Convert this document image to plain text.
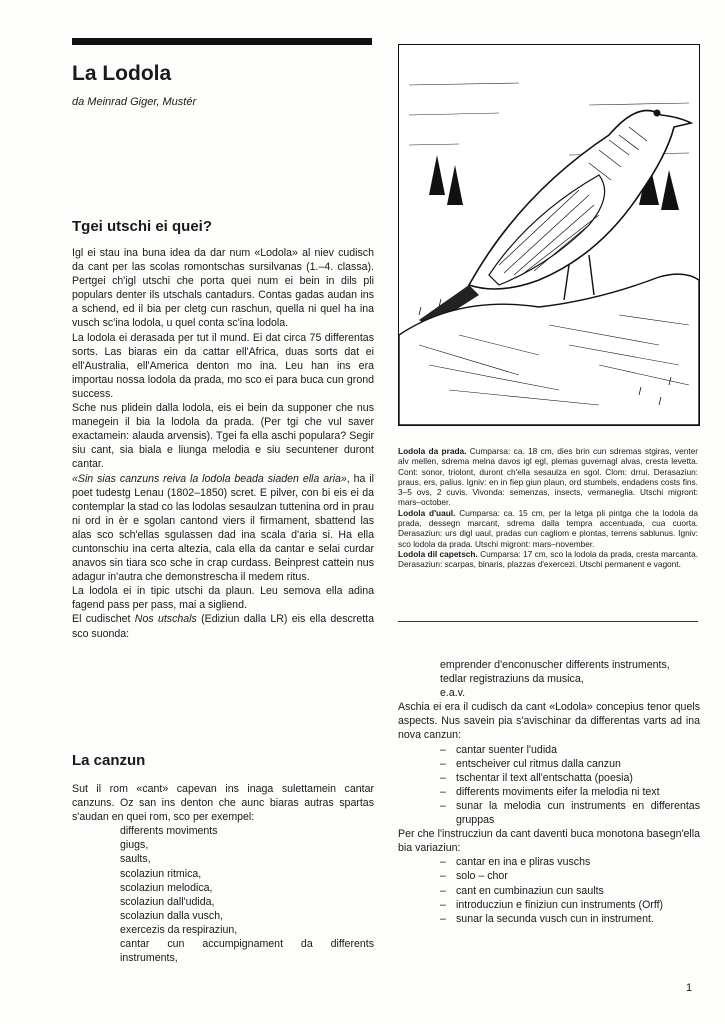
La Lodola
da Meinrad Giger, Mustér
Tgei utschi ei quei?

Igl ei stau ina buna idea da dar num «Lodola» al niev cudisch da cant per las scolas romontschas sursilvanas (1.–4. classa). Pertgei ch'igl utschi che porta quei num ei bein in dils pli populars denter ils utschals cantadurs. Contas gadas audan ins a schend, ed il bia per cletg cun raschun, quella ni quel ha ina vusch sc'ina lodola, u quel conta sc'ina lodola.

La lodola ei derasada per tut il mund. Ei dat circa 75 differentas sorts. Las biaras ein da cattar ell'Africa, duas sorts dat ei ell'Australia, ell'America denton mo ina. Leu han ins era importau nossa lodola da prada, mo sco ei para buca cun grond success.

Sche nus plidein dalla lodola, eis ei bein da supponer che nus manegein il bia la lodola da prada. (Per tgi che vul saver exactamein: alauda arvensis). Tgei fa ella aschi populara? Segir siu cant, sia biala e liunga melodia e siu secuntener duront cantar.

«Sin sias canzuns reiva la lodola beada siaden ella aria», ha il poet tudestg Lenau (1802–1850) scret. E pilver, con bi eis ei da contemplar la stad co las lodolas sesaulzan tuttenina ord in prau ni ord in èr e sgolan cantond viers il firmament, sbattend las alas sco sch'ellas sgulassen dad ina scala d'aria si. Ha ella cuntonschiu ina certa altezia, cala ella da cantar e selai curdar anavos sin tiara sco sche in crap curdass. Beinprest cattein nus adagur in'autra che demonstrescha il medem ritus.

La lodola ei in tipic utschi da plaun. Leu semova ella adina fagend pass per pass, mai a sigliend.

El cudischet Nos utschals (Ediziun dalla LR) eis ella descretta sco suonda:

La canzun

Sut il rom «cant» capevan ins inaga sulettamein cantar canzuns. Oz san ins denton che aunc biaras autras spartas s'audan en quei rom, sco per exempel:

differents moviments
giugs,
saults,
scolaziun ritmica,
scolaziun melodica,
scolaziun dall'udida,
scolaziun dalla vusch,
exercezis da respiraziun,
cantar cun accumpignament da differents instruments,
Lodola da prada. Cumparsa: ca. 18 cm, dies brin cun sdremas stgiras, venter alv mellen, sdrema melna davos igl egl, plemas guvernagl alvas, cresta levetta. Cont: sonor, triolont, duront ch'ella sesaulza en sgol. Clom: drrui. Derasaziun: praus, ers, palius. Igniv: en in fiep giun plaun, ord stumbels, endadens costs fins. 3–5 ovs, 2 cuvis. Vivonda: semenzas, insects, vermaneglia. Utschi migront: mars–october.
Lodola d'uaul. Cumparsa: ca. 15 cm, per la letga pli pintga che la lodola da prada, dessegn marcant, sdrema dalla tempra accentuada, cua cuorta. Derasaziun: urs digl uaul, pradas cun cagliom e plontas, terrens sablunus. Igniv: sco lodola da prada. Utschi migront: mars–november.
Lodola dil capetsch. Cumparsa: 17 cm, sco la lodola da prada, cresta marcanta. Derasaziun: scarpas, binaris, plazzas d'exercezi. Utschi permanent e vagont.
emprender d'enconuscher differents instruments,
tedlar registraziuns da musica,
e.a.v.

Aschia ei era il cudisch da cant «Lodola» concepius tenor quels aspects. Nus savein pia s'avischinar da differentas varts ad ina nova canzun:

– cantar suenter l'udida
– entscheiver cul ritmus dalla canzun
– tschentar il text all'entschatta (poesia)
– differents moviments eifer la melodia ni text
– sunar la melodia cun instruments en differentas gruppas

Per che l'instrucziun da cant daventi buca monotona basegn'ella bia variaziun:

– cantar en ina e pliras vuschs
– solo – chor
– cant en cumbinaziun cun saults
– introducziun e finiziun cun instruments (Orff)
– sunar la secunda vusch cun in instrument.
1
